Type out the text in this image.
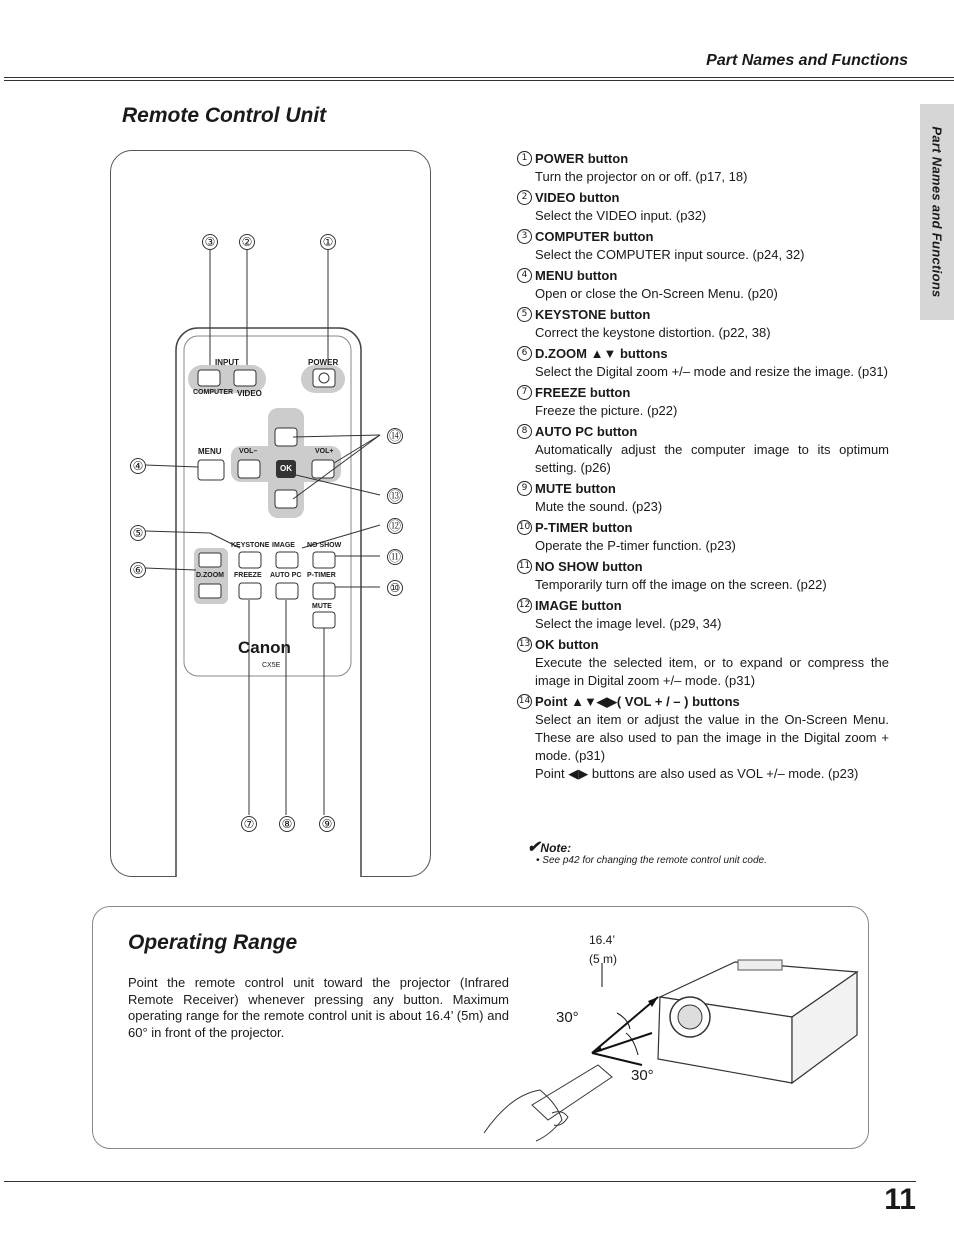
Part Names and Functions
Part Names and Functions
Remote Control Unit
INPUT	POWER
COMPUTER VIDEO
MENU VOL–	VOL+
OK
KEYSTONE IMAGE NO SHOW
D.ZOOM FREEZE AUTO PC P-TIMER
MUTE
Canon
CX5E
③ ②	①
④
⑤
⑥
⑭
⑬
⑫
⑪
⑩
⑦ ⑧ ⑨
1 POWER button
Turn the projector on or off. (p17, 18)
2 VIDEO button
Select the VIDEO input. (p32)
3 COMPUTER button
Select the COMPUTER input source. (p24, 32)
4 MENU button
Open or close the On-Screen Menu. (p20)
5 KEYSTONE button
Correct the keystone distortion. (p22, 38)
6 D.ZOOM ▲▼ buttons
Select the Digital zoom +/– mode and resize the image. (p31)
7 FREEZE button
Freeze the picture. (p22)
8 AUTO PC button
Automatically adjust the computer image to its optimum setting. (p26)
9 MUTE button
Mute the sound. (p23)
10 P-TIMER button
Operate the P-timer function. (p23)
11 NO SHOW button
Temporarily turn off the image on the screen. (p22)
12 IMAGE button
Select the image level. (p29, 34)
13 OK button
Execute the selected item, or to expand or compress the image in Digital zoom +/– mode. (p31)
14 Point ▲▼◀▶( VOL + / – ) buttons
Select an item or adjust the value in the On-Screen Menu. These are also used to pan the image in the Digital zoom + mode. (p31)
Point ◀▶ buttons are also used as VOL +/– mode. (p23)
✔Note:
• See p42 for changing the remote control unit code.
Operating Range
Point the remote control unit toward the projector (Infrared Remote Receiver) whenever pressing any button. Maximum operating range for the remote control unit is about 16.4’ (5m) and 60° in front of the projector.
16.4’
(5 m)
30°
30°
11
